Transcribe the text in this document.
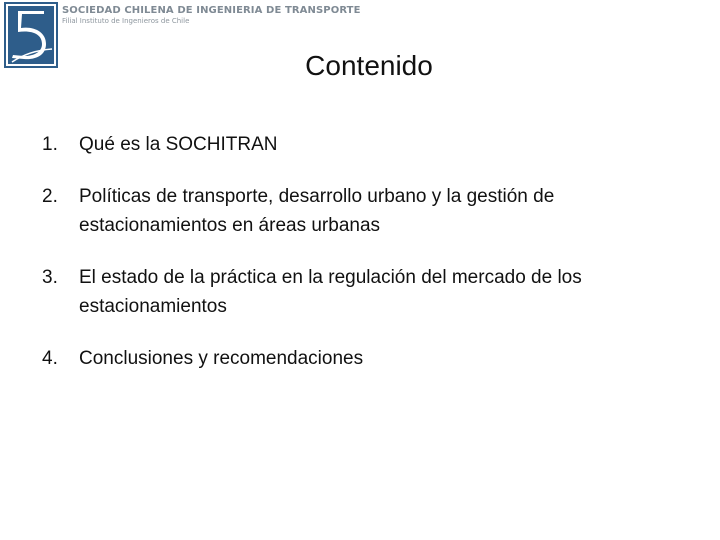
SOCIEDAD CHILENA DE INGENIERIA DE TRANSPORTE
Filial Instituto de Ingenieros de Chile
Contenido
1.	Qué es la SOCHITRAN
2.	Políticas de transporte, desarrollo urbano y la gestión de estacionamientos en áreas urbanas
3.	El estado de la práctica en la regulación del mercado de los estacionamientos
4.	Conclusiones y recomendaciones
